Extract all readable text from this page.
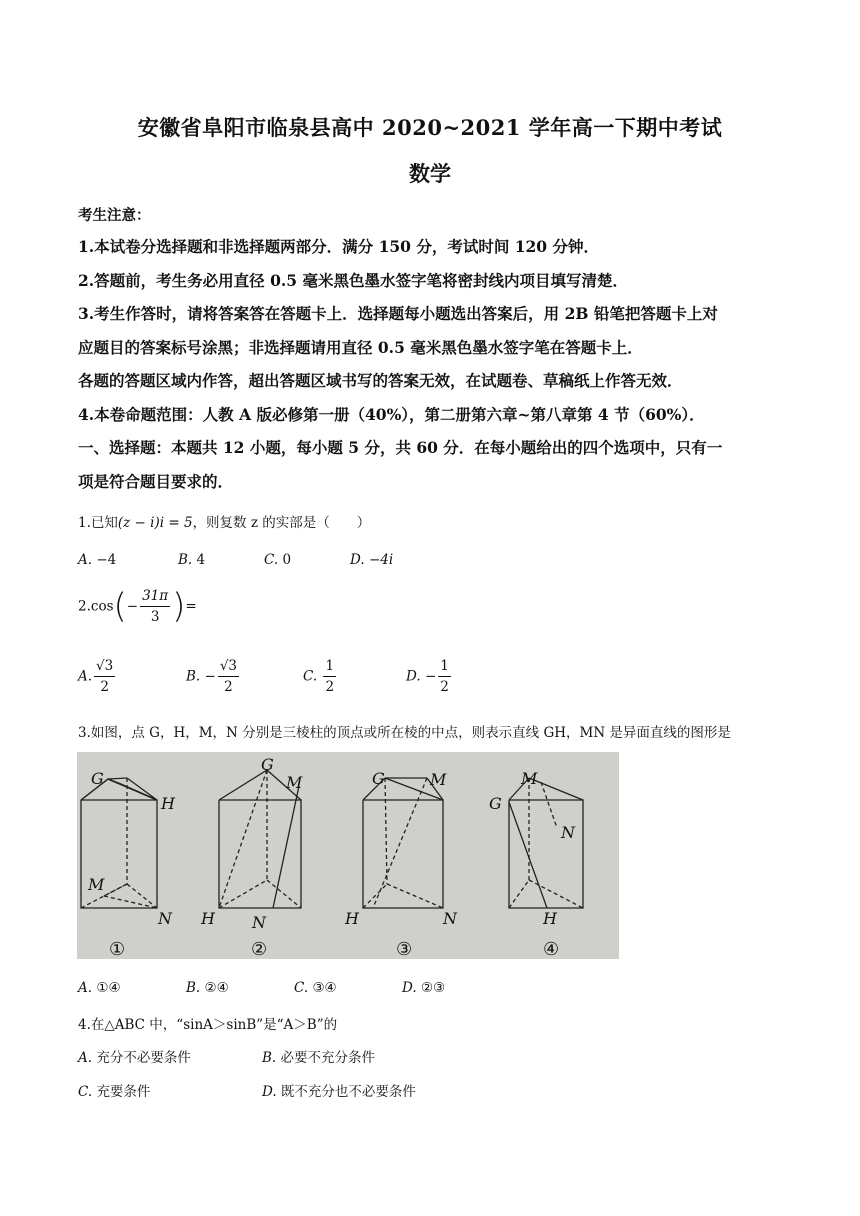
安徽省阜阳市临泉县高中 2020~2021 学年高一下期中考试
数学
考生注意：
1.本试卷分选择题和非选择题两部分．满分 150 分，考试时间 120 分钟．
2.答题前，考生务必用直径 0.5 毫米黑色墨水签字笔将密封线内项目填写清楚．
3.考生作答时，请将答案答在答题卡上．选择题每小题选出答案后，用 2B 铅笔把答题卡上对
应题目的答案标号涂黑；非选择题请用直径 0.5 毫米黑色墨水签字笔在答题卡上．
各题的答题区域内作答，超出答题区域书写的答案无效，在试题卷、草稿纸上作答无效．
4.本卷命题范围：人教 A 版必修第一册（40%），第二册第六章~第八章第 4 节（60%）．
一、选择题：本题共 12 小题，每小题 5 分，共 60 分．在每小题给出的四个选项中，只有一
项是符合题目要求的．
1.已知(z − i)i = 5，则复数 z 的实部是（　　）
A. −4	B. 4	C. 0	D. −4i
$2.\cos(- \frac{31\pi}{3}$ )=
A. $\frac{√3}{2}$	B. − $\frac{√3}{2}$	C. $\frac{1}{2}$	D. − $\frac{1}{2}$
3.如图，点 G，H，M，N 分别是三棱柱的顶点或所在棱的中点，则表示直线 GH，MN 是异面直线的图形是
G
H
M
N
G
M
H N
G	M
H	N
M
G
N
H
①	②	③	④
A. ①④	B. ②④	C. ③④	D. ②③
4.在△ABC 中，“sinA＞sinB”是“A＞B”的
A. 充分不必要条件	B. 必要不充分条件
C. 充要条件	D. 既不充分也不必要条件
